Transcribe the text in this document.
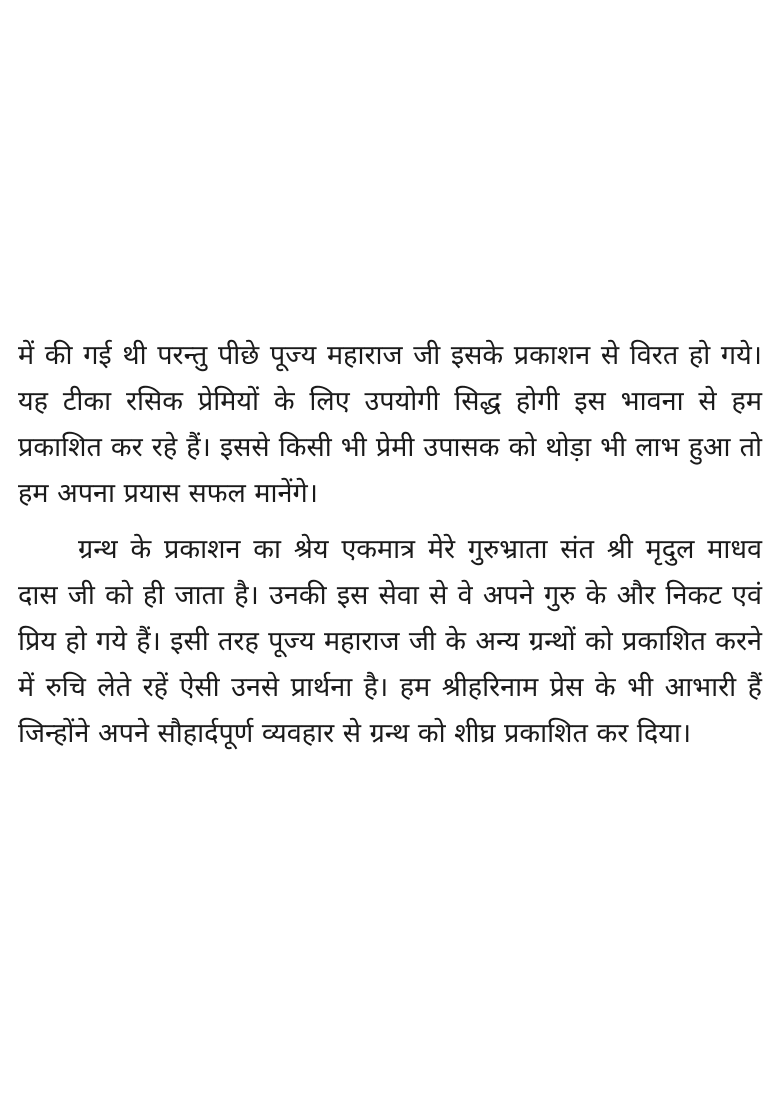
में की गई थी परन्तु पीछे पूज्य महाराज जी इसके प्रकाशन से विरत हो गये।
यह टीका रसिक प्रेमियों के लिए उपयोगी सिद्ध होगी इस भावना से हम
प्रकाशित कर रहे हैं। इससे किसी भी प्रेमी उपासक को थोड़ा भी लाभ हुआ तो
हम अपना प्रयास सफल मानेंगे।
ग्रन्थ के प्रकाशन का श्रेय एकमात्र मेरे गुरुभ्राता संत श्री मृदुल माधव
दास जी को ही जाता है। उनकी इस सेवा से वे अपने गुरु के और निकट एवं
प्रिय हो गये हैं। इसी तरह पूज्य महाराज जी के अन्य ग्रन्थों को प्रकाशित करने
में रुचि लेते रहें ऐसी उनसे प्रार्थना है। हम श्रीहरिनाम प्रेस के भी आभारी हैं
जिन्होंने अपने सौहार्दपूर्ण व्यवहार से ग्रन्थ को शीघ्र प्रकाशित कर दिया।
